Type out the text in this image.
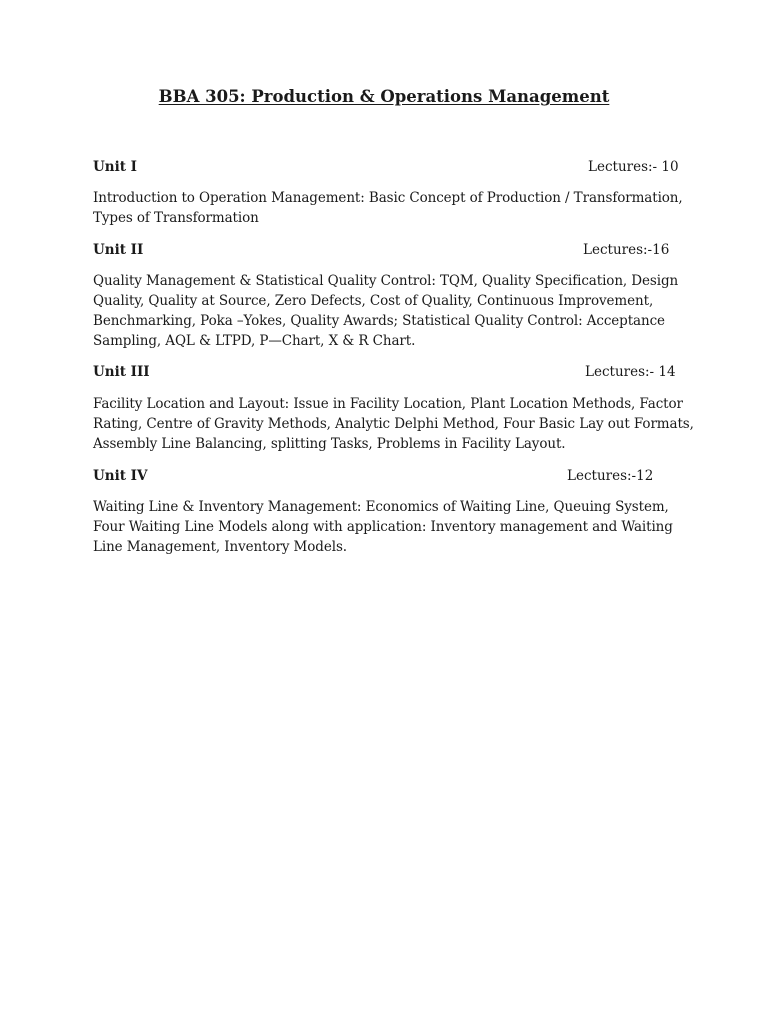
BBA 305: Production & Operations Management
Unit I	Lectures:- 10
Introduction to Operation Management: Basic Concept of Production / Transformation,
Types of Transformation
Unit II	Lectures:-16
Quality Management & Statistical Quality Control: TQM, Quality Specification, Design
Quality, Quality at Source, Zero Defects, Cost of Quality, Continuous Improvement,
Benchmarking, Poka –Yokes, Quality Awards; Statistical Quality Control: Acceptance
Sampling, AQL & LTPD, P—Chart, X & R Chart.
Unit III	Lectures:- 14
Facility Location and Layout: Issue in Facility Location, Plant Location Methods, Factor
Rating, Centre of Gravity Methods, Analytic Delphi Method, Four Basic Lay out Formats,
Assembly Line Balancing, splitting Tasks, Problems in Facility Layout.
Unit IV	Lectures:-12
Waiting Line & Inventory Management: Economics of Waiting Line, Queuing System,
Four Waiting Line Models along with application: Inventory management and Waiting
Line Management, Inventory Models.
